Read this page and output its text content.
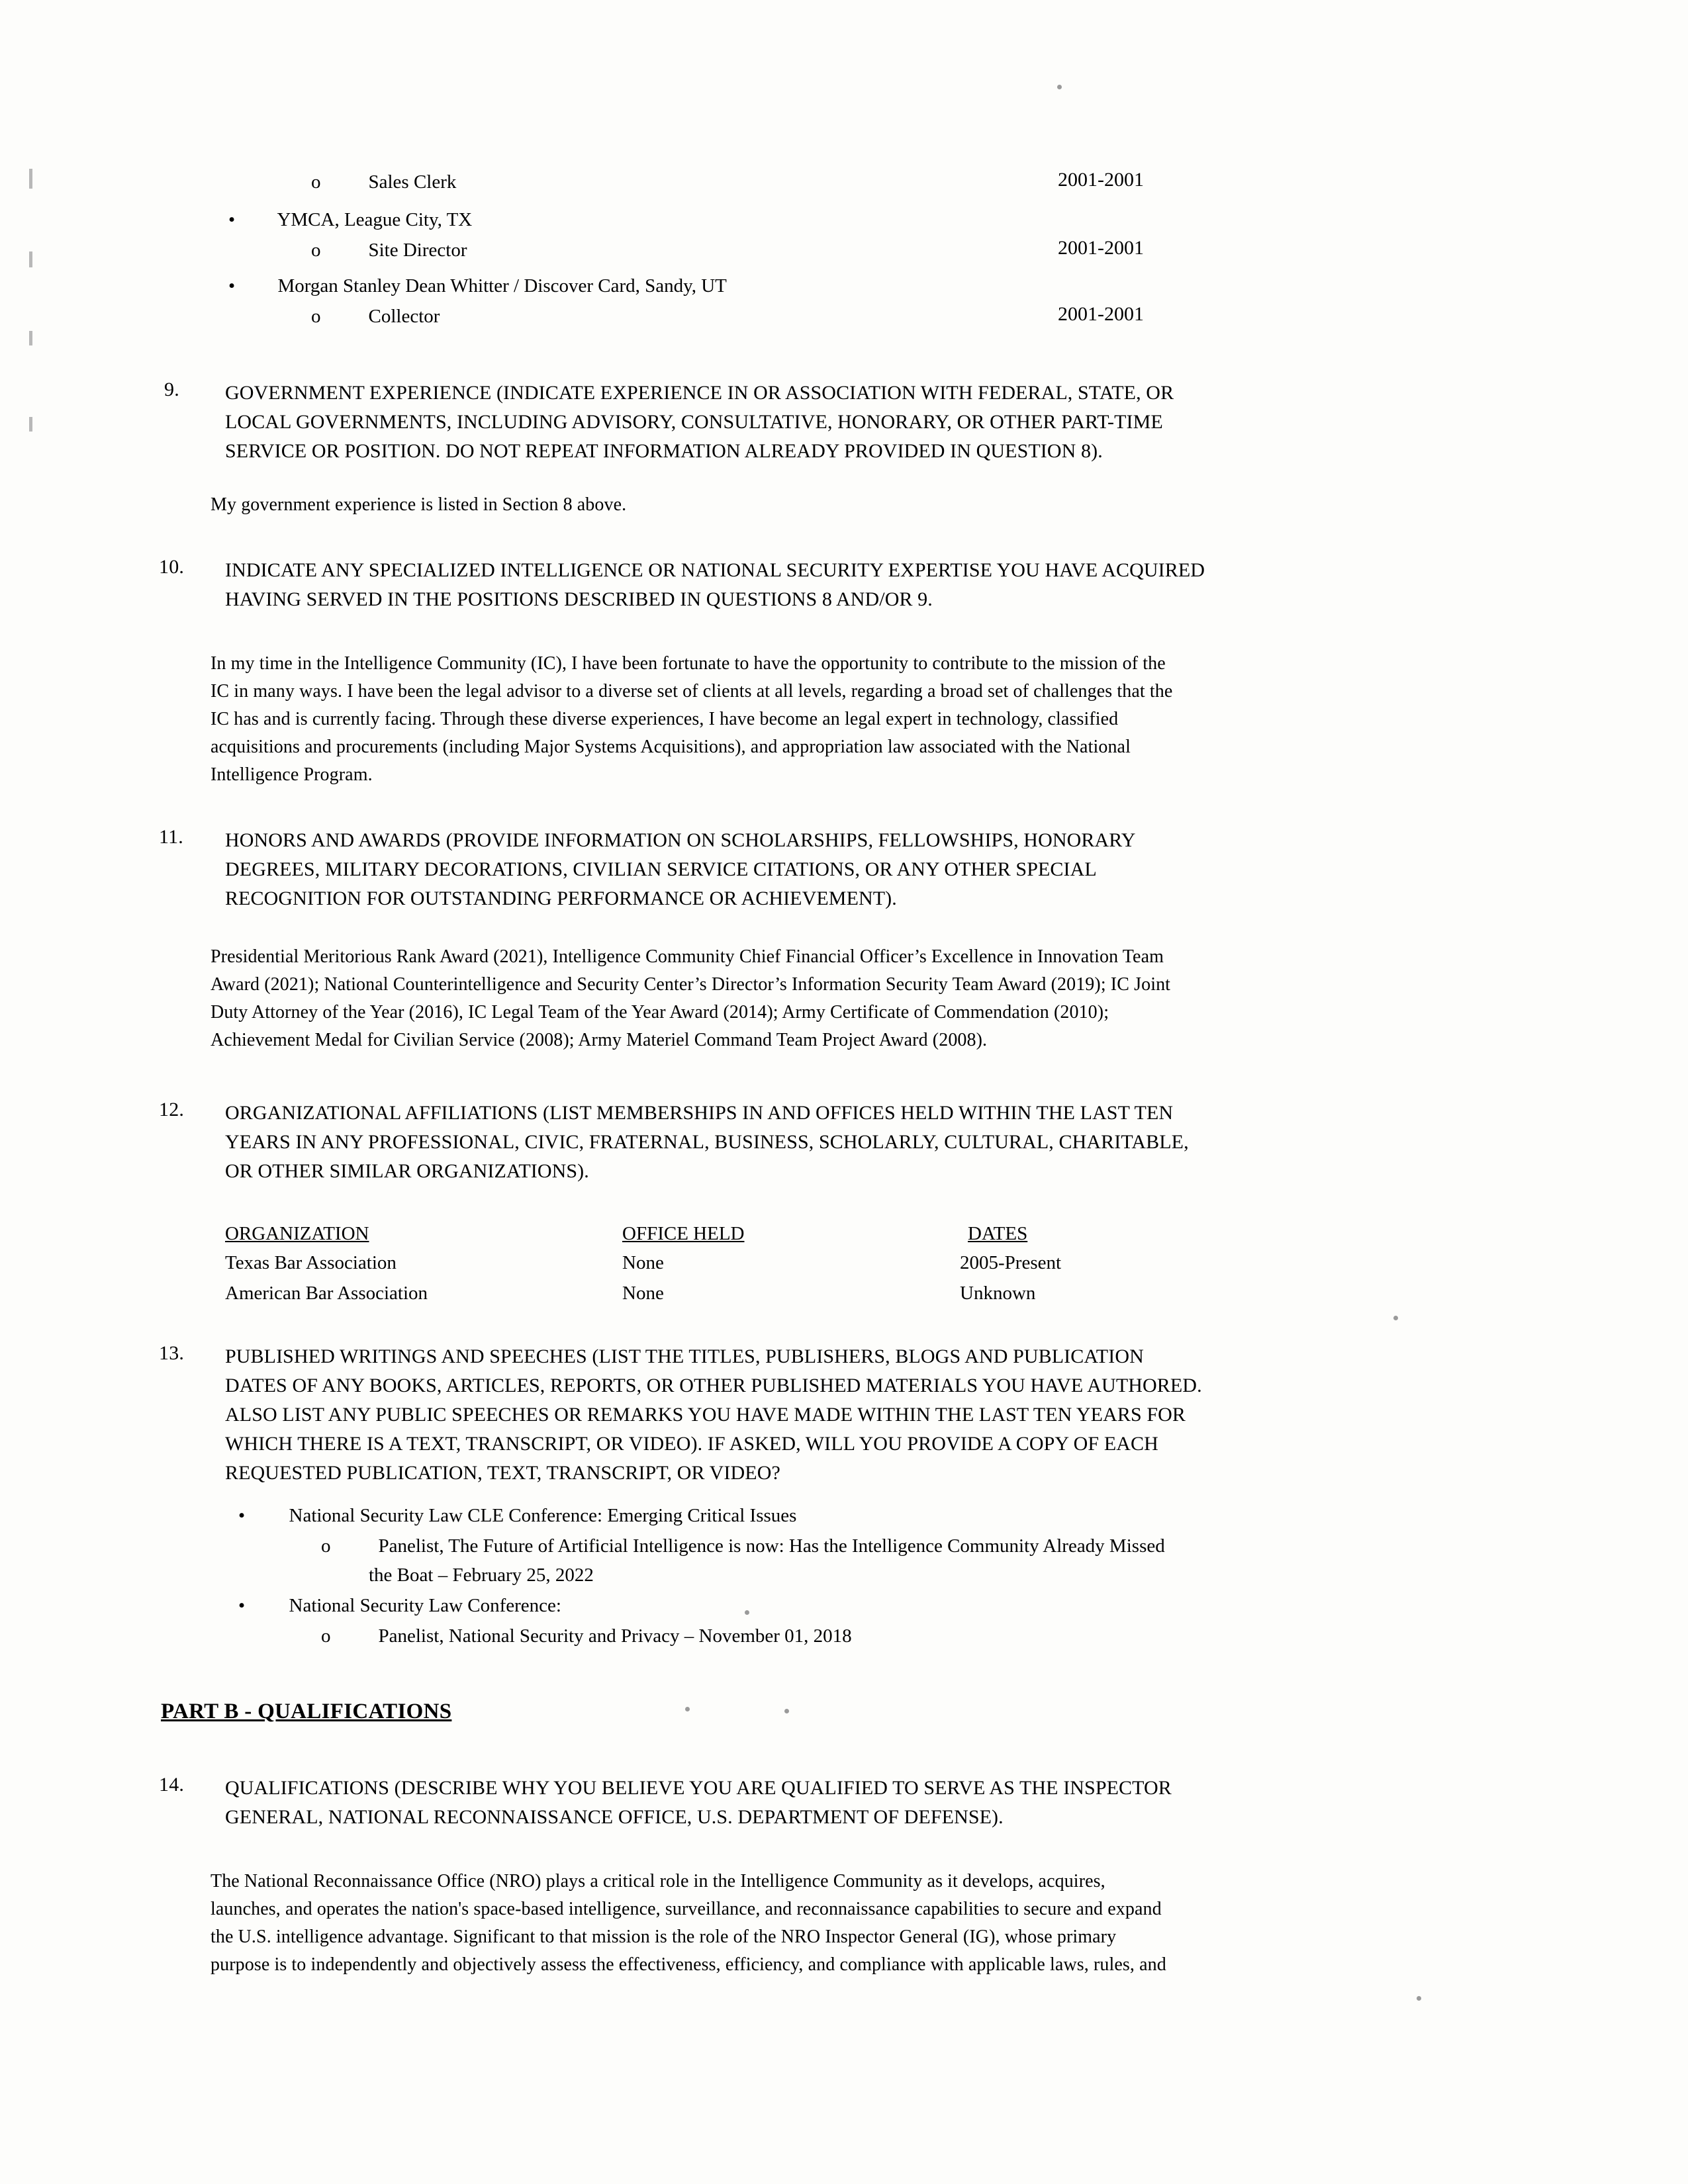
o Sales Clerk	2001-2001
• YMCA, League City, TX
o Site Director	2001-2001
• Morgan Stanley Dean Whitter / Discover Card, Sandy, UT
o Collector	2001-2001
9. GOVERNMENT EXPERIENCE (INDICATE EXPERIENCE IN OR ASSOCIATION WITH FEDERAL, STATE, OR
LOCAL GOVERNMENTS, INCLUDING ADVISORY, CONSULTATIVE, HONORARY, OR OTHER PART-TIME
SERVICE OR POSITION. DO NOT REPEAT INFORMATION ALREADY PROVIDED IN QUESTION 8).
My government experience is listed in Section 8 above.
10. INDICATE ANY SPECIALIZED INTELLIGENCE OR NATIONAL SECURITY EXPERTISE YOU HAVE ACQUIRED
HAVING SERVED IN THE POSITIONS DESCRIBED IN QUESTIONS 8 AND/OR 9.
In my time in the Intelligence Community (IC), I have been fortunate to have the opportunity to contribute to the mission of the
IC in many ways. I have been the legal advisor to a diverse set of clients at all levels, regarding a broad set of challenges that the
IC has and is currently facing. Through these diverse experiences, I have become an legal expert in technology, classified
acquisitions and procurements (including Major Systems Acquisitions), and appropriation law associated with the National
Intelligence Program.
11. HONORS AND AWARDS (PROVIDE INFORMATION ON SCHOLARSHIPS, FELLOWSHIPS, HONORARY
DEGREES, MILITARY DECORATIONS, CIVILIAN SERVICE CITATIONS, OR ANY OTHER SPECIAL
RECOGNITION FOR OUTSTANDING PERFORMANCE OR ACHIEVEMENT).
Presidential Meritorious Rank Award (2021), Intelligence Community Chief Financial Officer’s Excellence in Innovation Team
Award (2021); National Counterintelligence and Security Center’s Director’s Information Security Team Award (2019); IC Joint
Duty Attorney of the Year (2016), IC Legal Team of the Year Award (2014); Army Certificate of Commendation (2010);
Achievement Medal for Civilian Service (2008); Army Materiel Command Team Project Award (2008).
12. ORGANIZATIONAL AFFILIATIONS (LIST MEMBERSHIPS IN AND OFFICES HELD WITHIN THE LAST TEN
YEARS IN ANY PROFESSIONAL, CIVIC, FRATERNAL, BUSINESS, SCHOLARLY, CULTURAL, CHARITABLE,
OR OTHER SIMILAR ORGANIZATIONS).
ORGANIZATION	OFFICE HELD	DATES
Texas Bar Association	None	2005-Present
American Bar Association	None	Unknown
13. PUBLISHED WRITINGS AND SPEECHES (LIST THE TITLES, PUBLISHERS, BLOGS AND PUBLICATION
DATES OF ANY BOOKS, ARTICLES, REPORTS, OR OTHER PUBLISHED MATERIALS YOU HAVE AUTHORED.
ALSO LIST ANY PUBLIC SPEECHES OR REMARKS YOU HAVE MADE WITHIN THE LAST TEN YEARS FOR
WHICH THERE IS A TEXT, TRANSCRIPT, OR VIDEO). IF ASKED, WILL YOU PROVIDE A COPY OF EACH
REQUESTED PUBLICATION, TEXT, TRANSCRIPT, OR VIDEO?
• National Security Law CLE Conference: Emerging Critical Issues
o Panelist, The Future of Artificial Intelligence is now: Has the Intelligence Community Already Missed
the Boat – February 25, 2022
• National Security Law Conference:
o Panelist, National Security and Privacy – November 01, 2018
PART B - QUALIFICATIONS
14. QUALIFICATIONS (DESCRIBE WHY YOU BELIEVE YOU ARE QUALIFIED TO SERVE AS THE INSPECTOR
GENERAL, NATIONAL RECONNAISSANCE OFFICE, U.S. DEPARTMENT OF DEFENSE).
The National Reconnaissance Office (NRO) plays a critical role in the Intelligence Community as it develops, acquires,
launches, and operates the nation's space-based intelligence, surveillance, and reconnaissance capabilities to secure and expand
the U.S. intelligence advantage. Significant to that mission is the role of the NRO Inspector General (IG), whose primary
purpose is to independently and objectively assess the effectiveness, efficiency, and compliance with applicable laws, rules, and
